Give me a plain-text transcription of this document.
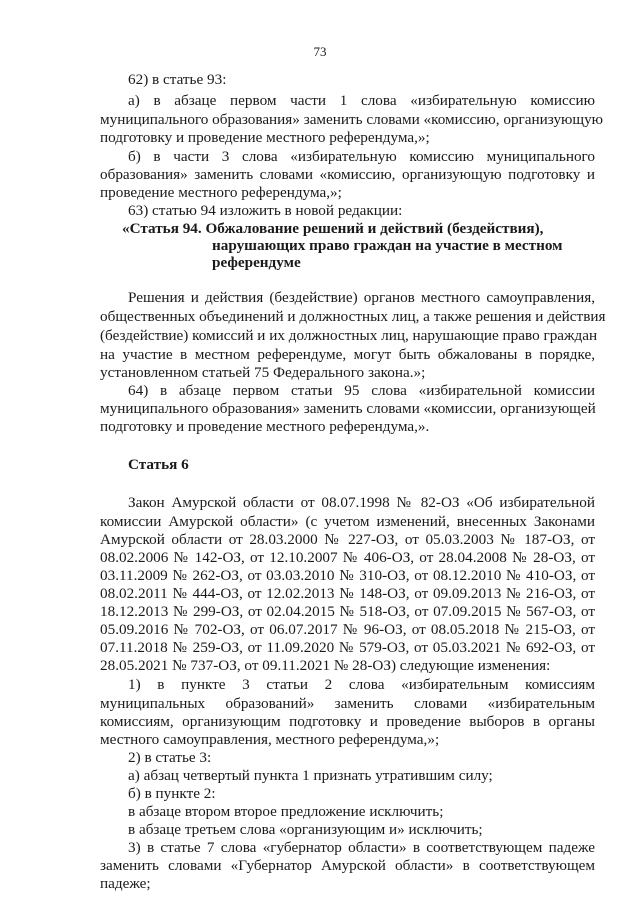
73
62) в статье 93:
а) в абзаце первом части 1 слова «избирательную комиссию
муниципального образования» заменить словами «комиссию, организующую
подготовку и проведение местного референдума,»;
б) в части 3 слова «избирательную комиссию муниципального
образования» заменить словами «комиссию, организующую подготовку и
проведение местного референдума,»;
63) статью 94 изложить в новой редакции:
«Статья 94. Обжалование решений и действий (бездействия),
нарушающих право граждан на участие в местном
референдуме
Решения и действия (бездействие) органов местного самоуправления,
общественных объединений и должностных лиц, а также решения и действия
(бездействие) комиссий и их должностных лиц, нарушающие право граждан
на участие в местном референдуме, могут быть обжалованы в порядке,
установленном статьей 75 Федерального закона.»;
64) в абзаце первом статьи 95 слова «избирательной комиссии
муниципального образования» заменить словами «комиссии, организующей
подготовку и проведение местного референдума,».
Статья 6
Закон Амурской области от 08.07.1998 № 82-ОЗ «Об избирательной
комиссии Амурской области» (с учетом изменений, внесенных Законами
Амурской области от 28.03.2000 № 227-ОЗ, от 05.03.2003 № 187-ОЗ, от
08.02.2006 № 142-ОЗ, от 12.10.2007 № 406-ОЗ, от 28.04.2008 № 28-ОЗ, от
03.11.2009 № 262-ОЗ, от 03.03.2010 № 310-ОЗ, от 08.12.2010 № 410-ОЗ, от
08.02.2011 № 444-ОЗ, от 12.02.2013 № 148-ОЗ, от 09.09.2013 № 216-ОЗ, от
18.12.2013 № 299-ОЗ, от 02.04.2015 № 518-ОЗ, от 07.09.2015 № 567-ОЗ, от
05.09.2016 № 702-ОЗ, от 06.07.2017 № 96-ОЗ, от 08.05.2018 № 215-ОЗ, от
07.11.2018 № 259-ОЗ, от 11.09.2020 № 579-ОЗ, от 05.03.2021 № 692-ОЗ, от
28.05.2021 № 737-ОЗ, от 09.11.2021 № 28-ОЗ) следующие изменения:
1) в пункте 3 статьи 2 слова «избирательным комиссиям
муниципальных образований» заменить словами «избирательным
комиссиям, организующим подготовку и проведение выборов в органы
местного самоуправления, местного референдума,»;
2) в статье 3:
а) абзац четвертый пункта 1 признать утратившим силу;
б) в пункте 2:
в абзаце втором второе предложение исключить;
в абзаце третьем слова «организующим и» исключить;
3) в статье 7 слова «губернатор области» в соответствующем падеже
заменить словами «Губернатор Амурской области» в соответствующем
падеже;
